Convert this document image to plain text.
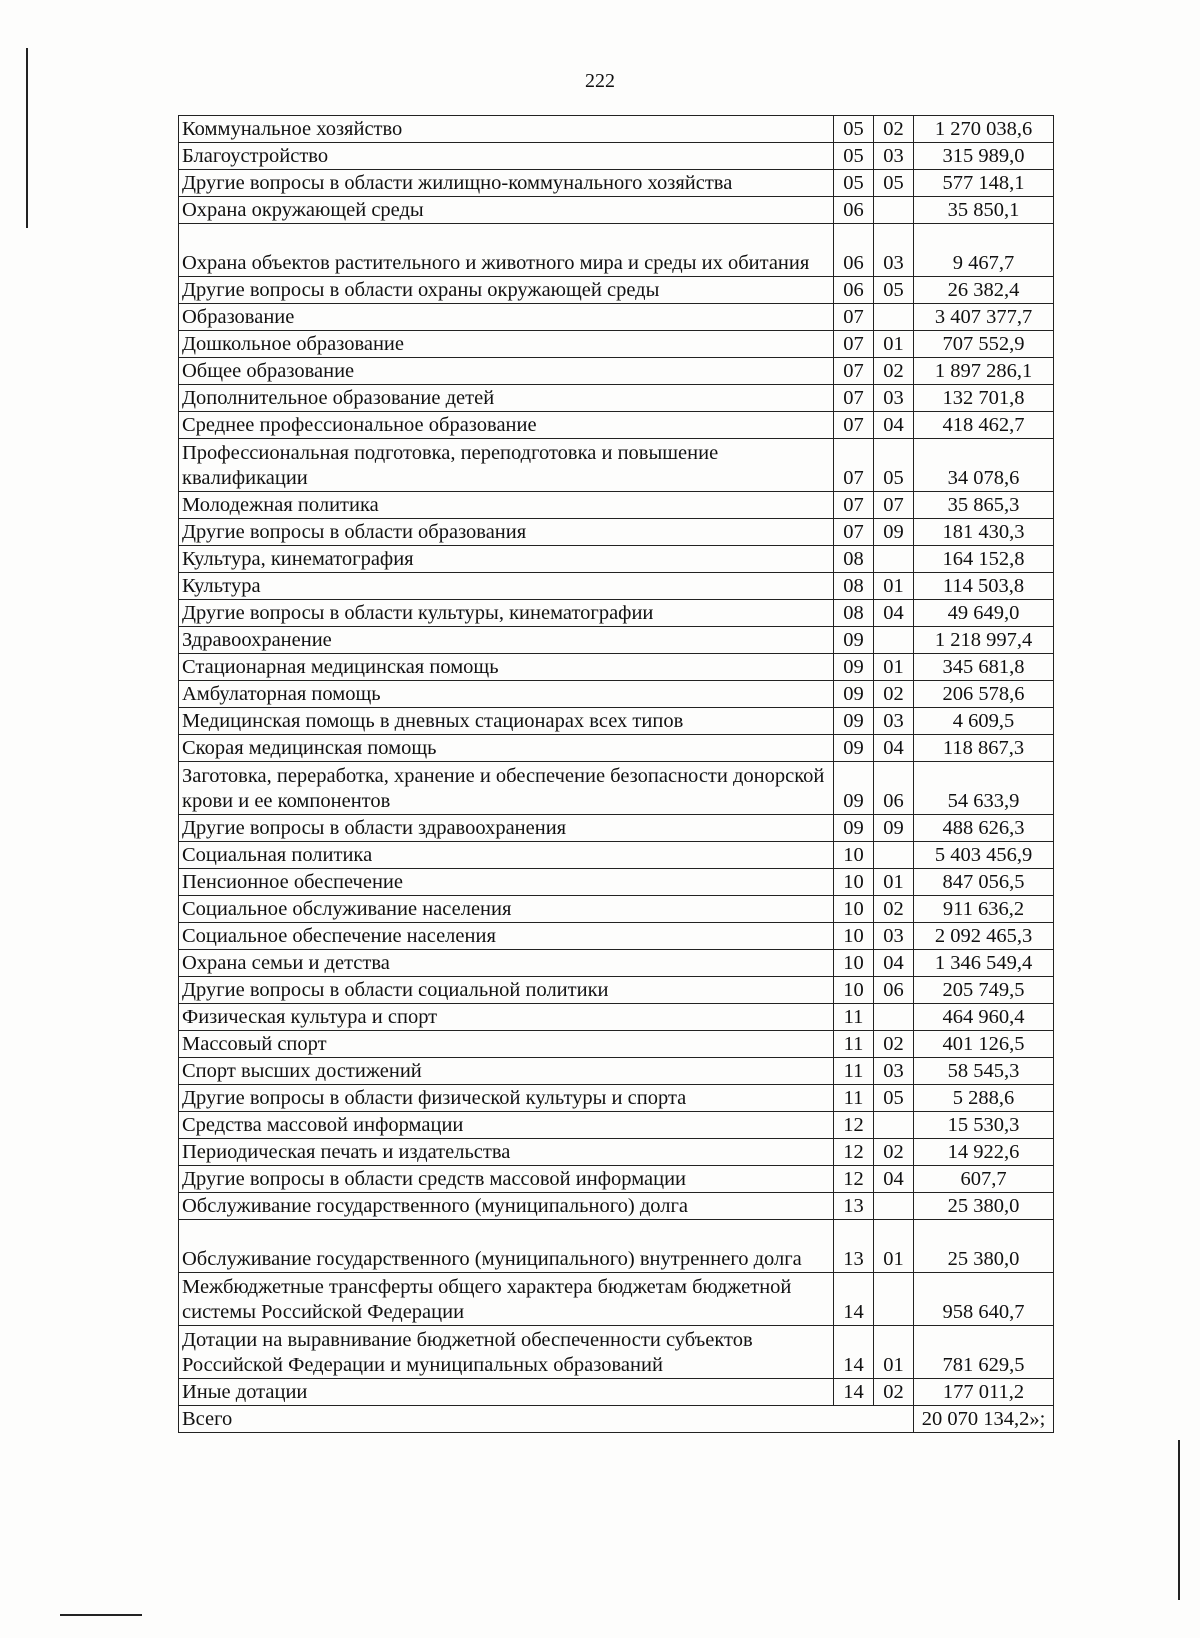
222
Коммунальное хозяйство	05	02	1 270 038,6
Благоустройство	05	03	315 989,0
Другие вопросы в области жилищно-коммунального хозяйства	05	05	577 148,1
Охрана окружающей среды	06		35 850,1
Охрана объектов растительного и животного мира и среды их обитания	06	03	9 467,7
Другие вопросы в области охраны окружающей среды	06	05	26 382,4
Образование	07		3 407 377,7
Дошкольное образование	07	01	707 552,9
Общее образование	07	02	1 897 286,1
Дополнительное образование детей	07	03	132 701,8
Среднее профессиональное образование	07	04	418 462,7
Профессиональная подготовка, переподготовка и повышение квалификации	07	05	34 078,6
Молодежная политика	07	07	35 865,3
Другие вопросы в области образования	07	09	181 430,3
Культура, кинематография	08		164 152,8
Культура	08	01	114 503,8
Другие вопросы в области культуры, кинематографии	08	04	49 649,0
Здравоохранение	09		1 218 997,4
Стационарная медицинская помощь	09	01	345 681,8
Амбулаторная помощь	09	02	206 578,6
Медицинская помощь в дневных стационарах всех типов	09	03	4 609,5
Скорая медицинская помощь	09	04	118 867,3
Заготовка, переработка, хранение и обеспечение безопасности донорской крови и ее компонентов	09	06	54 633,9
Другие вопросы в области здравоохранения	09	09	488 626,3
Социальная политика	10		5 403 456,9
Пенсионное обеспечение	10	01	847 056,5
Социальное обслуживание населения	10	02	911 636,2
Социальное обеспечение населения	10	03	2 092 465,3
Охрана семьи и детства	10	04	1 346 549,4
Другие вопросы в области социальной политики	10	06	205 749,5
Физическая культура и спорт	11		464 960,4
Массовый спорт	11	02	401 126,5
Спорт высших достижений	11	03	58 545,3
Другие вопросы в области физической культуры и спорта	11	05	5 288,6
Средства массовой информации	12		15 530,3
Периодическая печать и издательства	12	02	14 922,6
Другие вопросы в области средств массовой информации	12	04	607,7
Обслуживание государственного (муниципального) долга	13		25 380,0
Обслуживание государственного (муниципального) внутреннего долга	13	01	25 380,0
Межбюджетные трансферты общего характера бюджетам бюджетной системы Российской Федерации	14		958 640,7
Дотации на выравнивание бюджетной обеспеченности субъектов Российской Федерации и муниципальных образований	14	01	781 629,5
Иные дотации	14	02	177 011,2
Всего			20 070 134,2»;
